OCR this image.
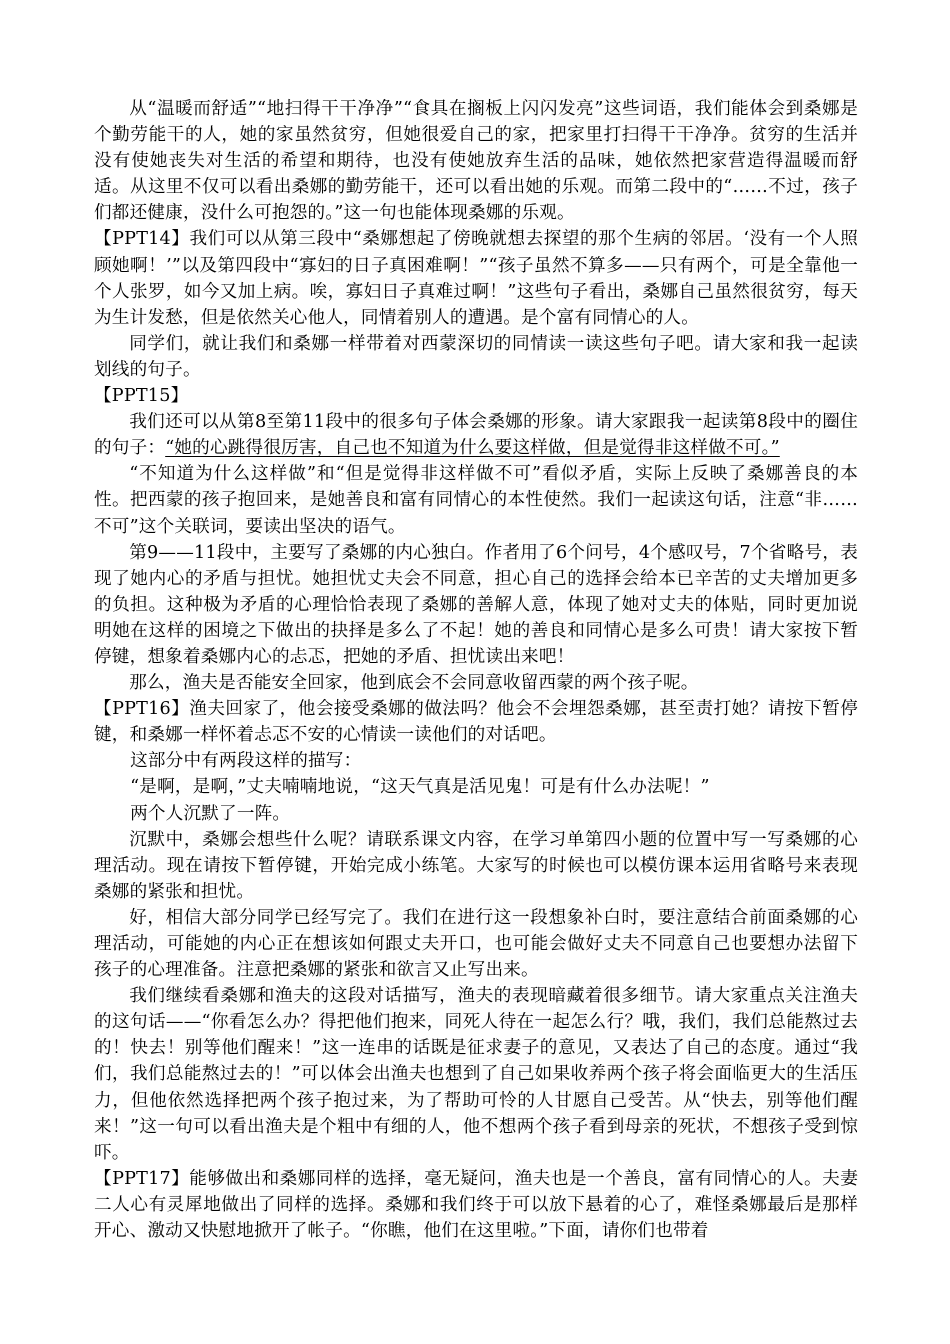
从“温暖而舒适”“地扫得干干净净”“食具在搁板上闪闪发亮”这些词语，我们能体会到桑娜是个勤劳能干的人，她的家虽然贫穷，但她很爱自己的家，把家里打扫得干干净净。贫穷的生活并没有使她丧失对生活的希望和期待，也没有使她放弃生活的品味，她依然把家营造得温暖而舒适。从这里不仅可以看出桑娜的勤劳能干，还可以看出她的乐观。而第二段中的“……不过，孩子们都还健康，没什么可抱怨的。”这一句也能体现桑娜的乐观。

【PPT14】我们可以从第三段中“桑娜想起了傍晚就想去探望的那个生病的邻居。‘没有一个人照顾她啊！’”以及第四段中“寡妇的日子真困难啊！”“孩子虽然不算多——只有两个，可是全靠他一个人张罗，如今又加上病。唉，寡妇日子真难过啊！”这些句子看出，桑娜自己虽然很贫穷，每天为生计发愁，但是依然关心他人，同情着别人的遭遇。是个富有同情心的人。

同学们，就让我们和桑娜一样带着对西蒙深切的同情读一读这些句子吧。请大家和我一起读划线的句子。

【PPT15】

我们还可以从第8至第11段中的很多句子体会桑娜的形象。请大家跟我一起读第8段中的圈住的句子：“她的心跳得很厉害，自己也不知道为什么要这样做，但是觉得非这样做不可。”

“不知道为什么这样做”和“但是觉得非这样做不可”看似矛盾，实际上反映了桑娜善良的本性。把西蒙的孩子抱回来，是她善良和富有同情心的本性使然。我们一起读这句话，注意“非……不可”这个关联词，要读出坚决的语气。

第9——11段中，主要写了桑娜的内心独白。作者用了6个问号，4个感叹号，7个省略号，表现了她内心的矛盾与担忧。她担忧丈夫会不同意，担心自己的选择会给本已辛苦的丈夫增加更多的负担。这种极为矛盾的心理恰恰表现了桑娜的善解人意，体现了她对丈夫的体贴，同时更加说明她在这样的困境之下做出的抉择是多么了不起！她的善良和同情心是多么可贵！请大家按下暂停键，想象着桑娜内心的忐忑，把她的矛盾、担忧读出来吧！

那么，渔夫是否能安全回家，他到底会不会同意收留西蒙的两个孩子呢。

【PPT16】渔夫回家了，他会接受桑娜的做法吗？他会不会埋怨桑娜，甚至责打她？请按下暂停键，和桑娜一样怀着忐忑不安的心情读一读他们的对话吧。

这部分中有两段这样的描写：

“是啊，是啊，”丈夫喃喃地说，“这天气真是活见鬼！可是有什么办法呢！”

两个人沉默了一阵。

沉默中，桑娜会想些什么呢？请联系课文内容，在学习单第四小题的位置中写一写桑娜的心理活动。现在请按下暂停键，开始完成小练笔。大家写的时候也可以模仿课本运用省略号来表现桑娜的紧张和担忧。

好，相信大部分同学已经写完了。我们在进行这一段想象补白时，要注意结合前面桑娜的心理活动，可能她的内心正在想该如何跟丈夫开口，也可能会做好丈夫不同意自己也要想办法留下孩子的心理准备。注意把桑娜的紧张和欲言又止写出来。

我们继续看桑娜和渔夫的这段对话描写，渔夫的表现暗藏着很多细节。请大家重点关注渔夫的这句话——“你看怎么办？得把他们抱来，同死人待在一起怎么行？哦，我们，我们总能熬过去的！快去！别等他们醒来！”这一连串的话既是征求妻子的意见，又表达了自己的态度。通过“我们，我们总能熬过去的！”可以体会出渔夫也想到了自己如果收养两个孩子将会面临更大的生活压力，但他依然选择把两个孩子抱过来，为了帮助可怜的人甘愿自己受苦。从“快去，别等他们醒来！”这一句可以看出渔夫是个粗中有细的人，他不想两个孩子看到母亲的死状，不想孩子受到惊吓。

【PPT17】能够做出和桑娜同样的选择，毫无疑问，渔夫也是一个善良，富有同情心的人。夫妻二人心有灵犀地做出了同样的选择。桑娜和我们终于可以放下悬着的心了，难怪桑娜最后是那样开心、激动又快慰地掀开了帐子。“你瞧，他们在这里啦。”下面，请你们也带着
